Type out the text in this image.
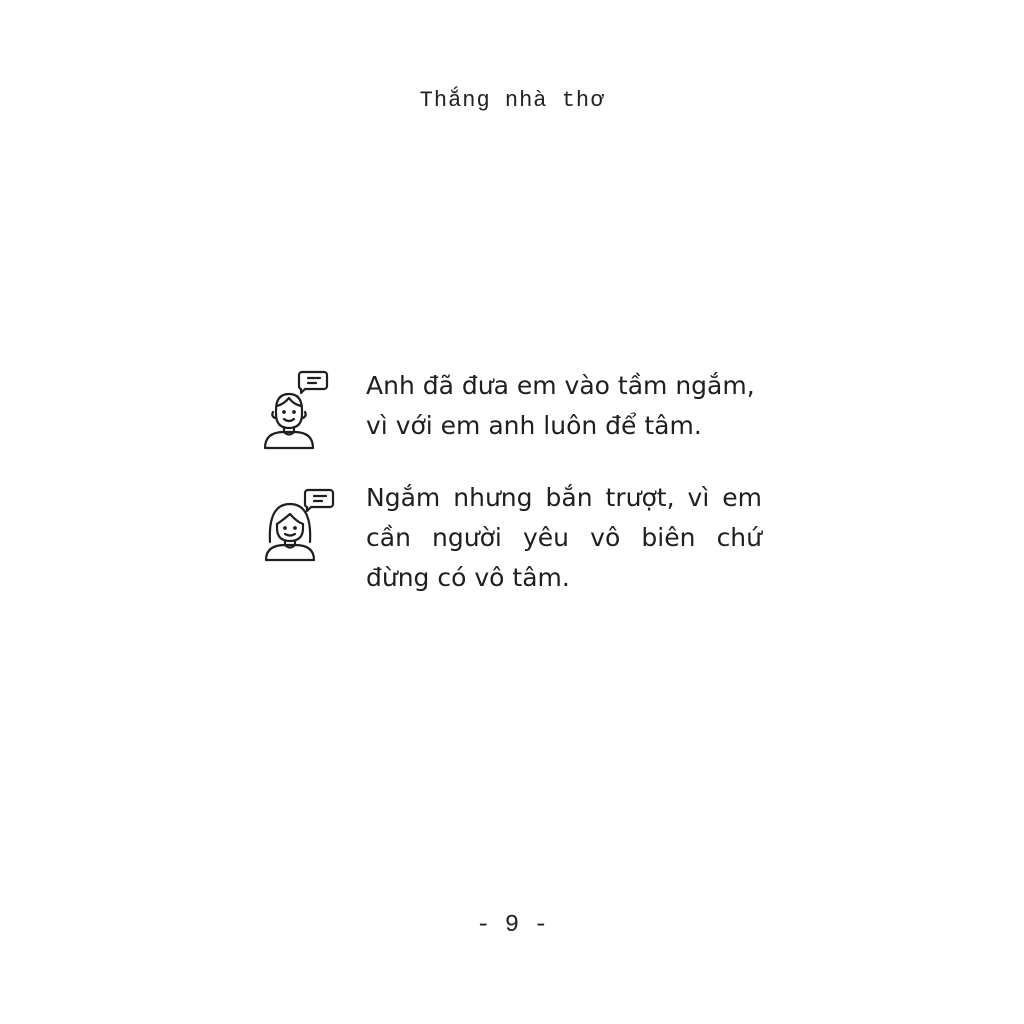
Thắng nhà thơ

Anh đã đưa em vào tầm ngắm,
vì với em anh luôn để tâm.

Ngắm nhưng bắn trượt, vì em
cần người yêu vô biên chứ
đừng có vô tâm.

- 9 -
